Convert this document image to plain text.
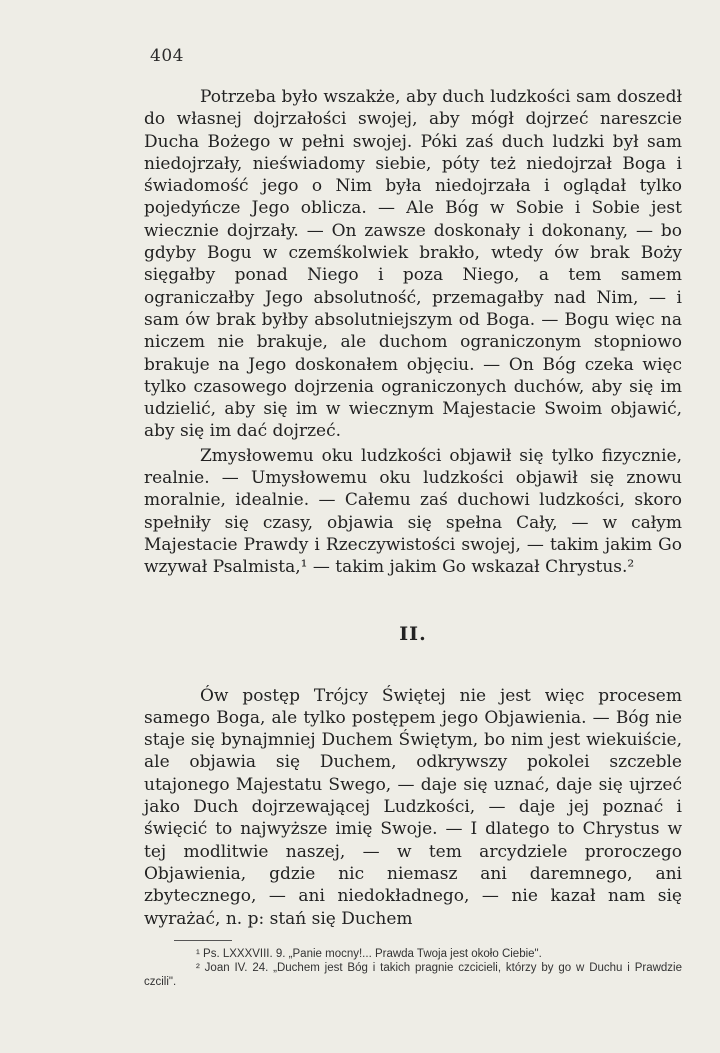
404

Potrzeba było wszakże, aby duch ludzkości sam doszedł do własnej dojrzałości swojej, aby mógł dojrzeć nareszcie Ducha Bożego w pełni swojej. Póki zaś duch ludzki był sam niedojrzały, nieświadomy siebie, póty też niedojrzał Boga i świadomość jego o Nim była niedojrzała i oglądał tylko pojedyńcze Jego oblicza. — Ale Bóg w Sobie i Sobie jest wiecznie dojrzały. — On zawsze doskonały i dokonany, — bo gdyby Bogu w czemśkolwiek brakło, wtedy ów brak Boży sięgałby ponad Niego i poza Niego, a tem samem ograniczałby Jego absolutność, przemagałby nad Nim, — i sam ów brak byłby absolutniejszym od Boga. — Bogu więc na niczem nie brakuje, ale duchom ograniczonym stopniowo brakuje na Jego doskonałem objęciu. — On Bóg czeka więc tylko czasowego dojrzenia ograniczonych duchów, aby się im udzielić, aby się im w wiecznym Majestacie Swoim objawić, aby się im dać dojrzeć.

Zmysłowemu oku ludzkości objawił się tylko fizycznie, realnie. — Umysłowemu oku ludzkości objawił się znowu moralnie, idealnie. — Całemu zaś duchowi ludzkości, skoro spełniły się czasy, objawia się spełna Cały, — w całym Majestacie Prawdy i Rzeczywistości swojej, — takim jakim Go wzywał Psalmista,¹ — takim jakim Go wskazał Chrystus.²

II.

Ów postęp Trójcy Świętej nie jest więc procesem samego Boga, ale tylko postępem jego Objawienia. — Bóg nie staje się bynajmniej Duchem Świętym, bo nim jest wiekuiście, ale objawia się Duchem, odkrywszy pokolei szczeble utajonego Majestatu Swego, — daje się uznać, daje się ujrzeć jako Duch dojrzewającej Ludzkości, — daje jej poznać i święcić to najwyższe imię Swoje. — I dlatego to Chrystus w tej modlitwie naszej, — w tem arcydziele proroczego Objawienia, gdzie nic niemasz ani daremnego, ani zbytecznego, — ani niedokładnego, — nie kazał nam się wyrażać, n. p: stań się Duchem

¹ Ps. LXXXVIII. 9. „Panie mocny!... Prawda Twoja jest około Ciebie".

² Joan IV. 24. „Duchem jest Bóg i takich pragnie czcicieli, którzy by go w Duchu i Prawdzie czcili".
